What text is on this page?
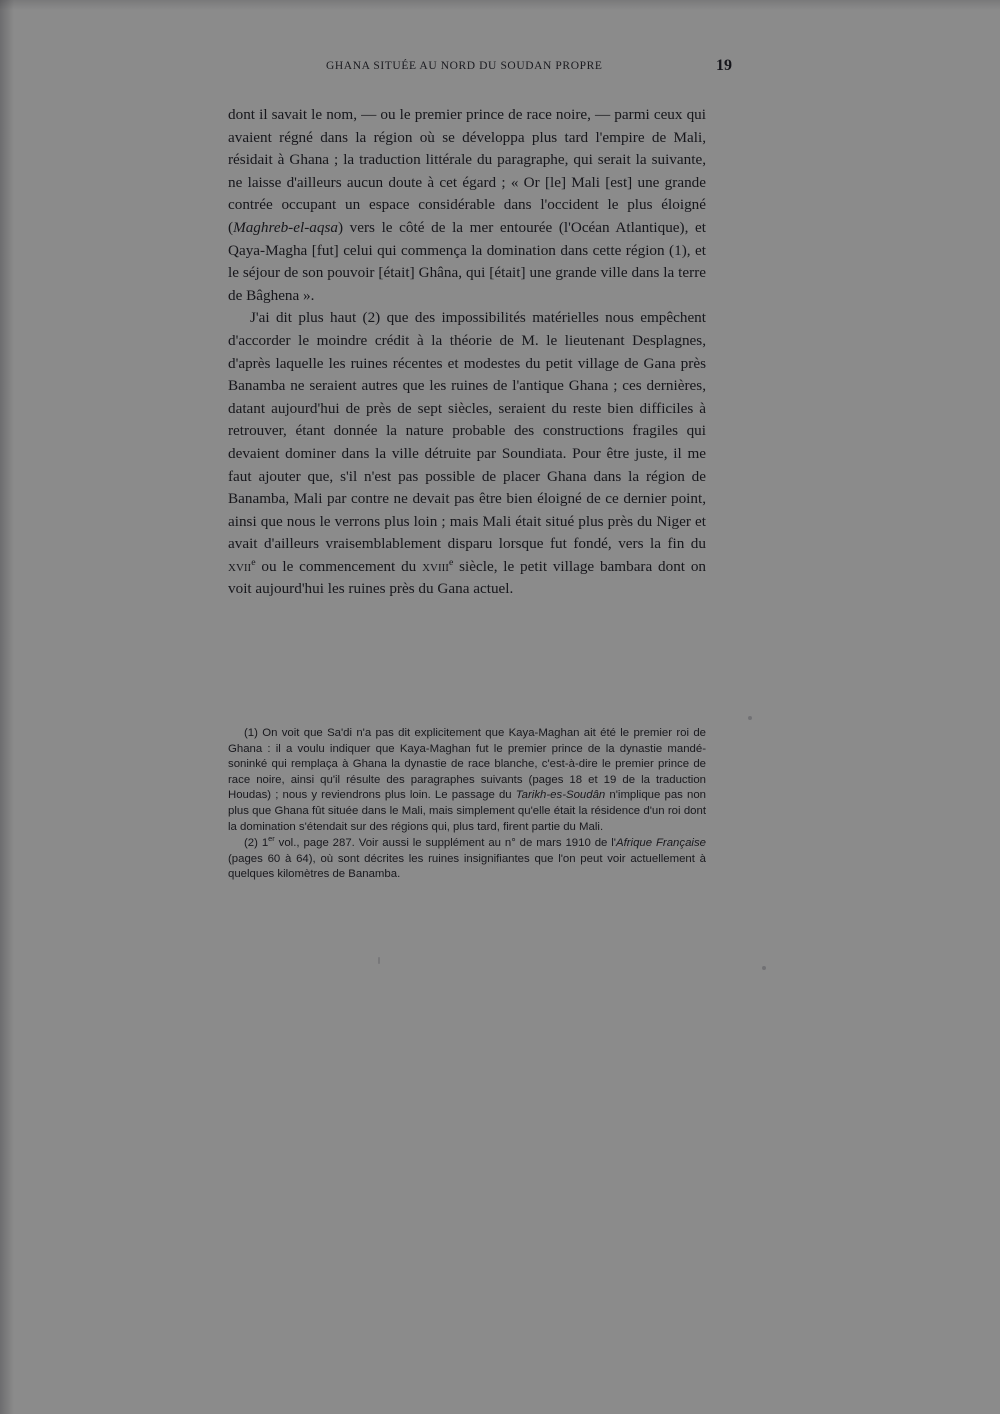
GHANA SITUÉE AU NORD DU SOUDAN PROPRE	19

dont il savait le nom, — ou le premier prince de race noire, — parmi ceux qui avaient régné dans la région où se développa plus tard l'empire de Mali, résidait à Ghana ; la traduction littérale du paragraphe, qui serait la suivante, ne laisse d'ailleurs aucun doute à cet égard ; « Or [le] Mali [est] une grande contrée occupant un espace considérable dans l'occident le plus éloigné (Maghreb-el-aqsa) vers le côté de la mer entourée (l'Océan Atlantique), et Qaya-Magha [fut] celui qui commença la domination dans cette région (1), et le séjour de son pouvoir [était] Ghâna, qui [était] une grande ville dans la terre de Bâghena ».

J'ai dit plus haut (2) que des impossibilités matérielles nous empêchent d'accorder le moindre crédit à la théorie de M. le lieutenant Desplagnes, d'après laquelle les ruines récentes et modestes du petit village de Gana près Banamba ne seraient autres que les ruines de l'antique Ghana ; ces dernières, datant aujourd'hui de près de sept siècles, seraient du reste bien difficiles à retrouver, étant donnée la nature probable des constructions fragiles qui devaient dominer dans la ville détruite par Soundiata. Pour être juste, il me faut ajouter que, s'il n'est pas possible de placer Ghana dans la région de Banamba, Mali par contre ne devait pas être bien éloigné de ce dernier point, ainsi que nous le verrons plus loin ; mais Mali était situé plus près du Niger et avait d'ailleurs vraisemblablement disparu lorsque fut fondé, vers la fin du xvii$^e$ ou le commencement du xviii$^e$ siècle, le petit village bambara dont on voit aujourd'hui les ruines près du Gana actuel.

(1) On voit que Sa'di n'a pas dit explicitement que Kaya-Maghan ait été le premier roi de Ghana : il a voulu indiquer que Kaya-Maghan fut le premier prince de la dynastie mandé-soninké qui remplaça à Ghana la dynastie de race blanche, c'est-à-dire le premier prince de race noire, ainsi qu'il résulte des paragraphes suivants (pages 18 et 19 de la traduction Houdas) ; nous y reviendrons plus loin. Le passage du Tarikh-es-Soudân n'implique pas non plus que Ghana fût située dans le Mali, mais simplement qu'elle était la résidence d'un roi dont la domination s'étendait sur des régions qui, plus tard, firent partie du Mali.

(2) 1er vol., page 287. Voir aussi le supplément au n° de mars 1910 de l'Afrique Française (pages 60 à 64), où sont décrites les ruines insignifiantes que l'on peut voir actuellement à quelques kilomètres de Banamba.
